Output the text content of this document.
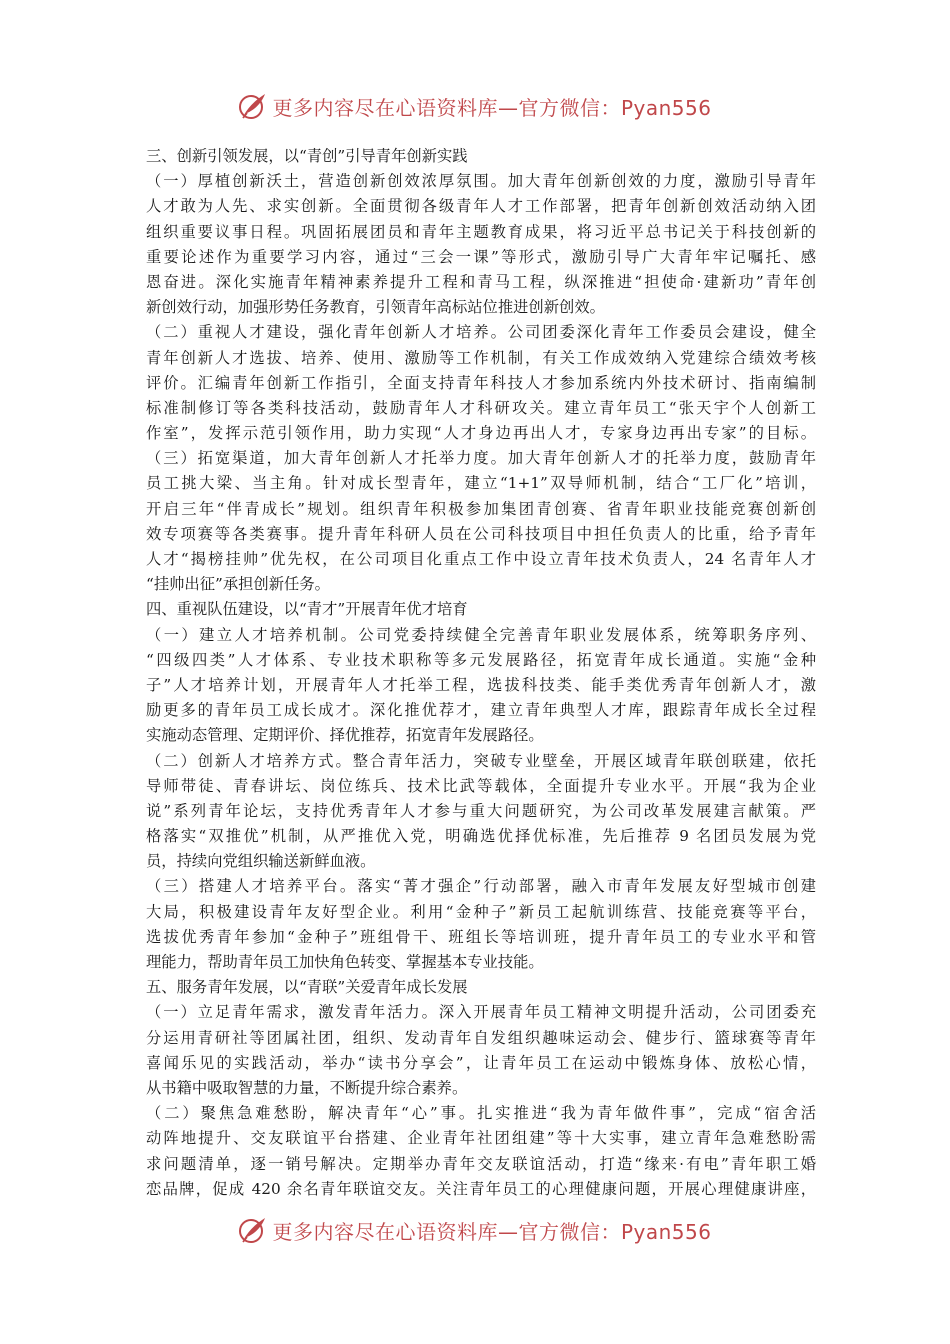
更多内容尽在心语资料库—官方微信：Pyan556
三、创新引领发展，以“青创”引导青年创新实践
（一）厚植创新沃土，营造创新创效浓厚氛围。加大青年创新创效的力度，激励引导青年
人才敢为人先、求实创新。全面贯彻各级青年人才工作部署，把青年创新创效活动纳入团
组织重要议事日程。巩固拓展团员和青年主题教育成果，将习近平总书记关于科技创新的
重要论述作为重要学习内容，通过“三会一课”等形式，激励引导广大青年牢记嘱托、感
恩奋进。深化实施青年精神素养提升工程和青马工程，纵深推进“担使命·建新功”青年创
新创效行动，加强形势任务教育，引领青年高标站位推进创新创效。
（二）重视人才建设，强化青年创新人才培养。公司团委深化青年工作委员会建设，健全
青年创新人才选拔、培养、使用、激励等工作机制，有关工作成效纳入党建综合绩效考核
评价。汇编青年创新工作指引，全面支持青年科技人才参加系统内外技术研讨、指南编制
标准制修订等各类科技活动，鼓励青年人才科研攻关。建立青年员工“张天宇个人创新工
作室”，发挥示范引领作用，助力实现“人才身边再出人才，专家身边再出专家”的目标。
（三）拓宽渠道，加大青年创新人才托举力度。加大青年创新人才的托举力度，鼓励青年
员工挑大梁、当主角。针对成长型青年，建立“1+1”双导师机制，结合“工厂化”培训，
开启三年“伴青成长”规划。组织青年积极参加集团青创赛、省青年职业技能竞赛创新创
效专项赛等各类赛事。提升青年科研人员在公司科技项目中担任负责人的比重，给予青年
人才“揭榜挂帅”优先权，在公司项目化重点工作中设立青年技术负责人，24 名青年人才
“挂帅出征”承担创新任务。
四、重视队伍建设，以“青才”开展青年优才培育
（一）建立人才培养机制。公司党委持续健全完善青年职业发展体系，统筹职务序列、
“四级四类”人才体系、专业技术职称等多元发展路径，拓宽青年成长通道。实施“金种
子”人才培养计划，开展青年人才托举工程，选拔科技类、能手类优秀青年创新人才，激
励更多的青年员工成长成才。深化推优荐才，建立青年典型人才库，跟踪青年成长全过程
实施动态管理、定期评价、择优推荐，拓宽青年发展路径。
（二）创新人才培养方式。整合青年活力，突破专业壁垒，开展区域青年联创联建，依托
导师带徒、青春讲坛、岗位练兵、技术比武等载体，全面提升专业水平。开展“我为企业
说”系列青年论坛，支持优秀青年人才参与重大问题研究，为公司改革发展建言献策。严
格落实“双推优”机制，从严推优入党，明确选优择优标准，先后推荐 9 名团员发展为党
员，持续向党组织输送新鲜血液。
（三）搭建人才培养平台。落实“菁才强企”行动部署，融入市青年发展友好型城市创建
大局，积极建设青年友好型企业。利用“金种子”新员工起航训练营、技能竞赛等平台，
选拔优秀青年参加“金种子”班组骨干、班组长等培训班，提升青年员工的专业水平和管
理能力，帮助青年员工加快角色转变、掌握基本专业技能。
五、服务青年发展，以“青联”关爱青年成长发展
（一）立足青年需求，激发青年活力。深入开展青年员工精神文明提升活动，公司团委充
分运用青研社等团属社团，组织、发动青年自发组织趣味运动会、健步行、篮球赛等青年
喜闻乐见的实践活动，举办“读书分享会”，让青年员工在运动中锻炼身体、放松心情，
从书籍中吸取智慧的力量，不断提升综合素养。
（二）聚焦急难愁盼，解决青年“心”事。扎实推进“我为青年做件事”，完成“宿舍活
动阵地提升、交友联谊平台搭建、企业青年社团组建”等十大实事，建立青年急难愁盼需
求问题清单，逐一销号解决。定期举办青年交友联谊活动，打造“缘来·有电”青年职工婚
恋品牌，促成 420 余名青年联谊交友。关注青年员工的心理健康问题，开展心理健康讲座，
更多内容尽在心语资料库—官方微信：Pyan556
